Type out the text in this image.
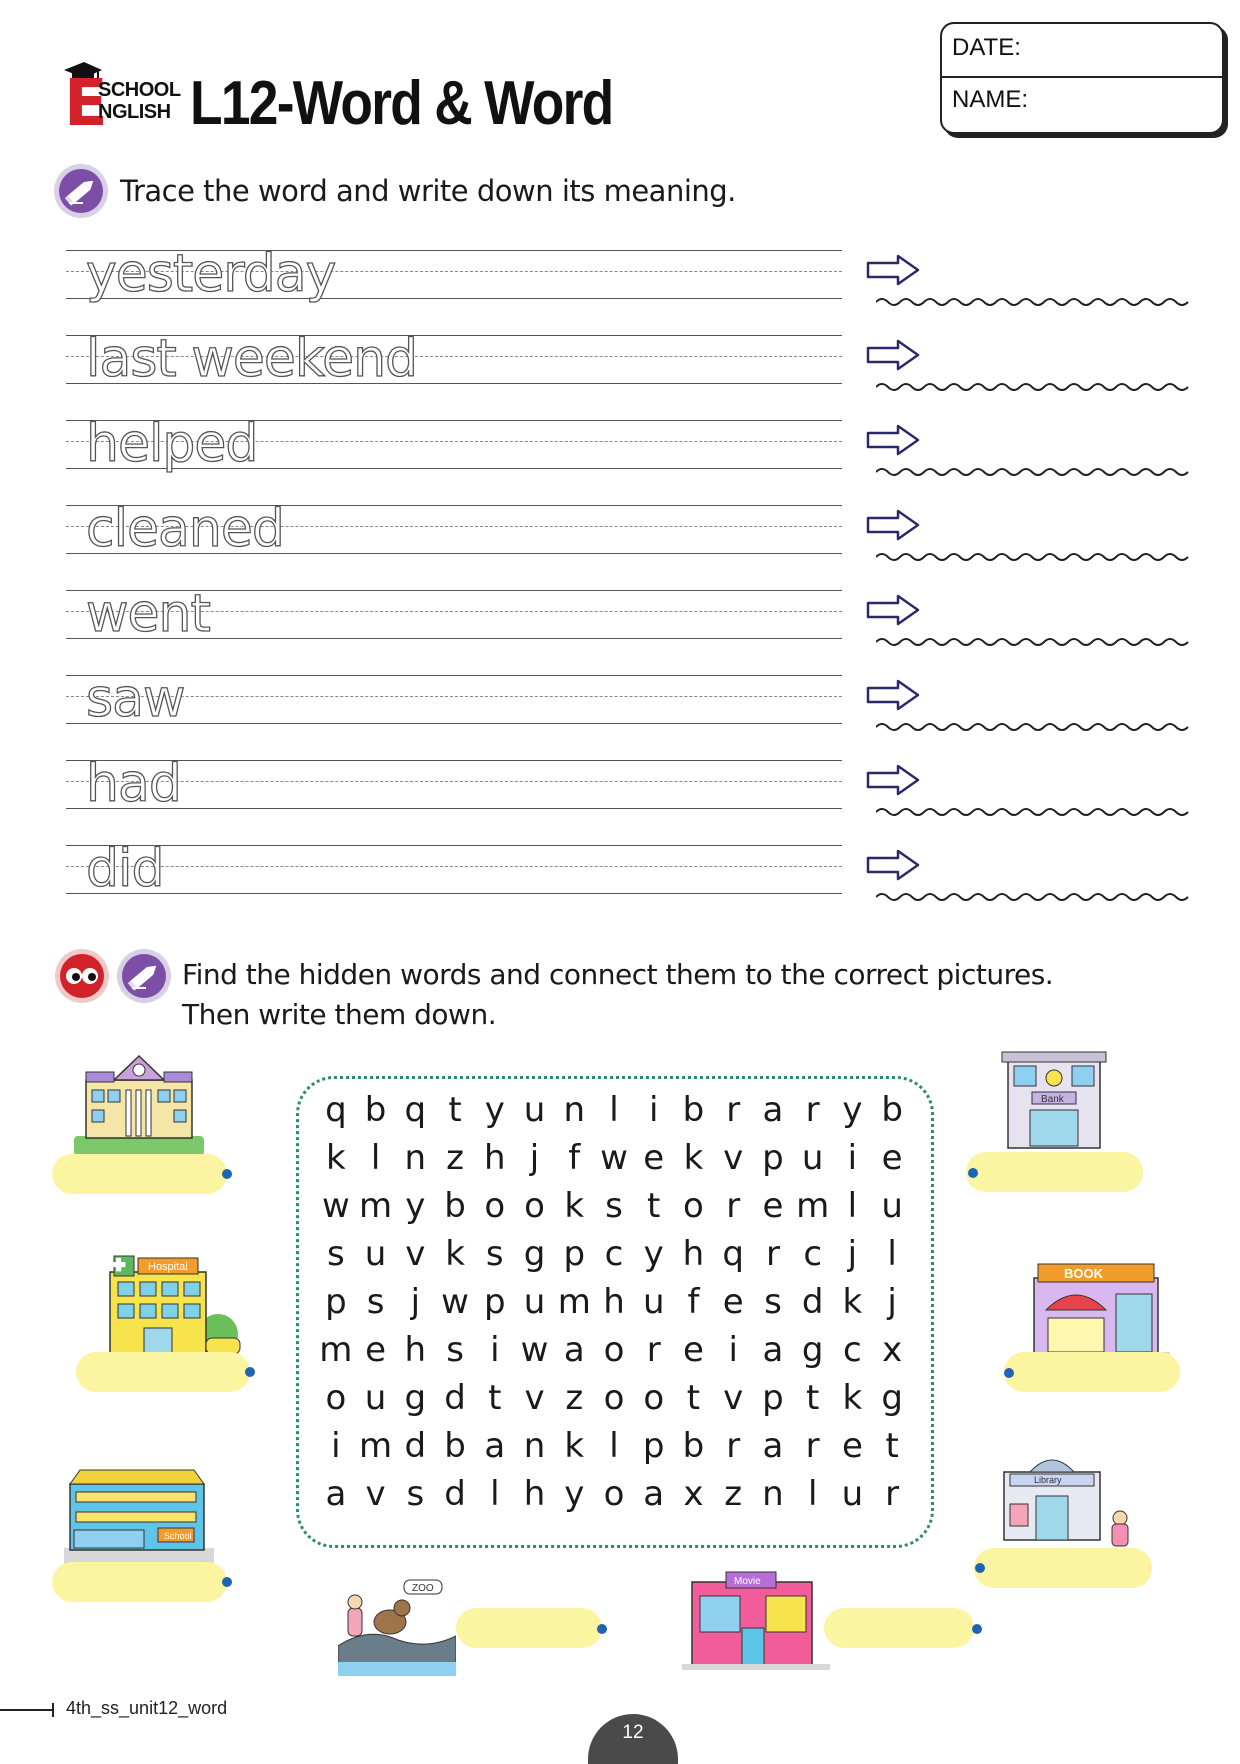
E
SCHOOL
NGLISH L12-Word & Word
DATE:
NAME:
Trace the word and write down its meaning.
yesterday
last weekend
helped
cleaned
went
saw
had
did
Find the hidden words and connect them to the correct pictures.
Then write them down.
q b q t y u n l i b r a r y b
k l n z h j f w e k v p u i e
w m y b o o k s t o r e m l u
s u v k s g p c y h q r c j l
p s j w p u m h u f e s d k j
m e h s i w a o r e i a g c x
o u g d t v z o o t v p t k g
i m d b a n k l p b r a r e t
a v s d l h y o a x z n l u r
Hospital
School
ZOO
Movie
Bank
BOOK
Library
4th_ss_unit12_word
12
